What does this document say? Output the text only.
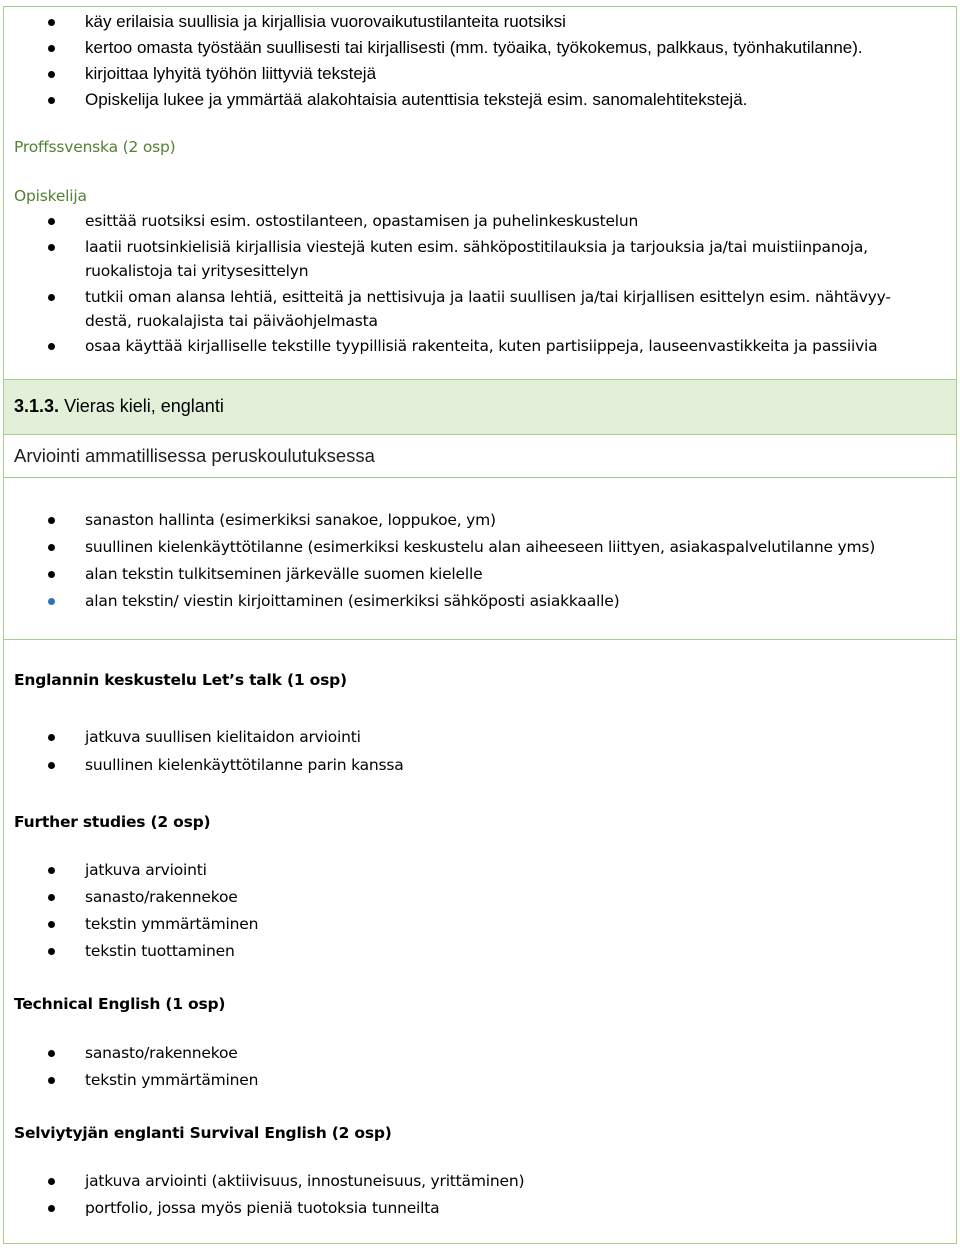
käy erilaisia suullisia ja kirjallisia vuorovaikutustilanteita ruotsiksi
kertoo omasta työstään suullisesti tai kirjallisesti (mm. työaika, työkokemus, palkkaus, työnhakutilanne).
kirjoittaa lyhyitä työhön liittyviä tekstejä
Opiskelija lukee ja ymmärtää alakohtaisia autenttisia tekstejä esim. sanomalehtitekstejä.
Proffssvenska (2 osp)
Opiskelija
esittää ruotsiksi esim. ostostilanteen, opastamisen ja puhelinkeskustelun
laatii ruotsinkielisiä kirjallisia viestejä kuten esim. sähköpostitilauksia ja tarjouksia ja/tai muistiinpanoja,
ruokalistoja tai yritysesittelyn
tutkii oman alansa lehtiä, esitteitä ja nettisivuja ja laatii suullisen ja/tai kirjallisen esittelyn esim. nähtävyy-
destä, ruokalajista tai päiväohjelmasta
osaa käyttää kirjalliselle tekstille tyypillisiä rakenteita, kuten partisiippeja, lauseenvastikkeita ja passiivia
3.1.3. Vieras kieli, englanti
Arviointi ammatillisessa peruskoulutuksessa
sanaston hallinta (esimerkiksi sanakoe, loppukoe, ym)
suullinen kielenkäyttötilanne (esimerkiksi keskustelu alan aiheeseen liittyen, asiakaspalvelutilanne yms)
alan tekstin tulkitseminen järkevälle suomen kielelle
alan tekstin/ viestin kirjoittaminen (esimerkiksi sähköposti asiakkaalle)
Englannin keskustelu Let’s talk (1 osp)
jatkuva suullisen kielitaidon arviointi
suullinen kielenkäyttötilanne parin kanssa
Further studies (2 osp)
jatkuva arviointi
sanasto/rakennekoe
tekstin ymmärtäminen
tekstin tuottaminen
Technical English (1 osp)
sanasto/rakennekoe
tekstin ymmärtäminen
Selviytyjän englanti Survival English (2 osp)
jatkuva arviointi (aktiivisuus, innostuneisuus, yrittäminen)
portfolio, jossa myös pieniä tuotoksia tunneilta
